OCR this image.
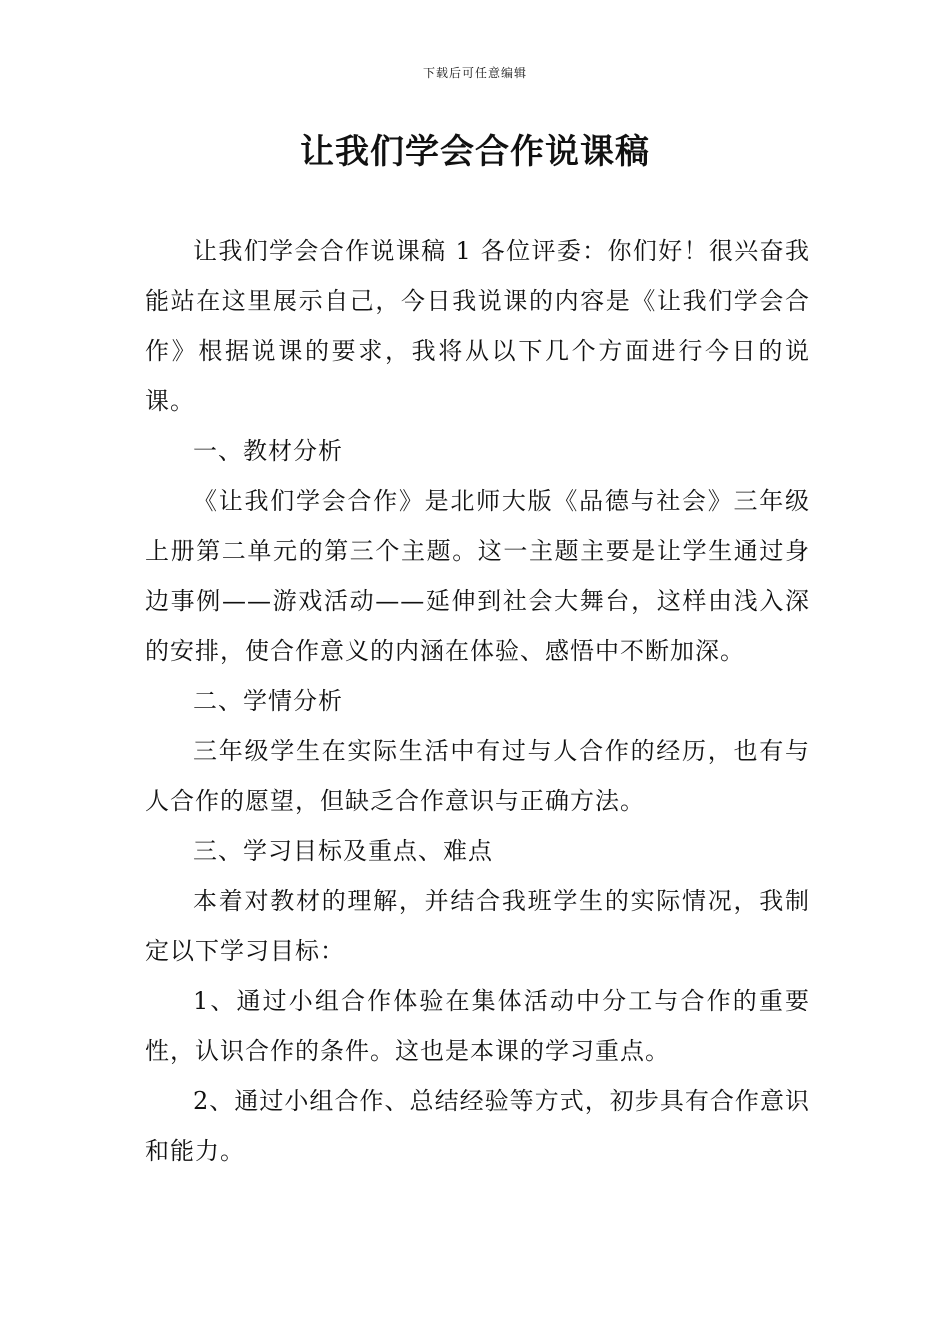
下载后可任意编辑
让我们学会合作说课稿

让我们学会合作说课稿 1 各位评委：你们好！很兴奋我能站在这里展示自己，今日我说课的内容是《让我们学会合作》根据说课的要求，我将从以下几个方面进行今日的说课。

一、教材分析

《让我们学会合作》是北师大版《品德与社会》三年级上册第二单元的第三个主题。这一主题主要是让学生通过身边事例——游戏活动——延伸到社会大舞台，这样由浅入深的安排，使合作意义的内涵在体验、感悟中不断加深。

二、学情分析

三年级学生在实际生活中有过与人合作的经历，也有与人合作的愿望，但缺乏合作意识与正确方法。

三、学习目标及重点、难点

本着对教材的理解，并结合我班学生的实际情况，我制定以下学习目标：

1、通过小组合作体验在集体活动中分工与合作的重要性，认识合作的条件。这也是本课的学习重点。

2、通过小组合作、总结经验等方式，初步具有合作意识和能力。
